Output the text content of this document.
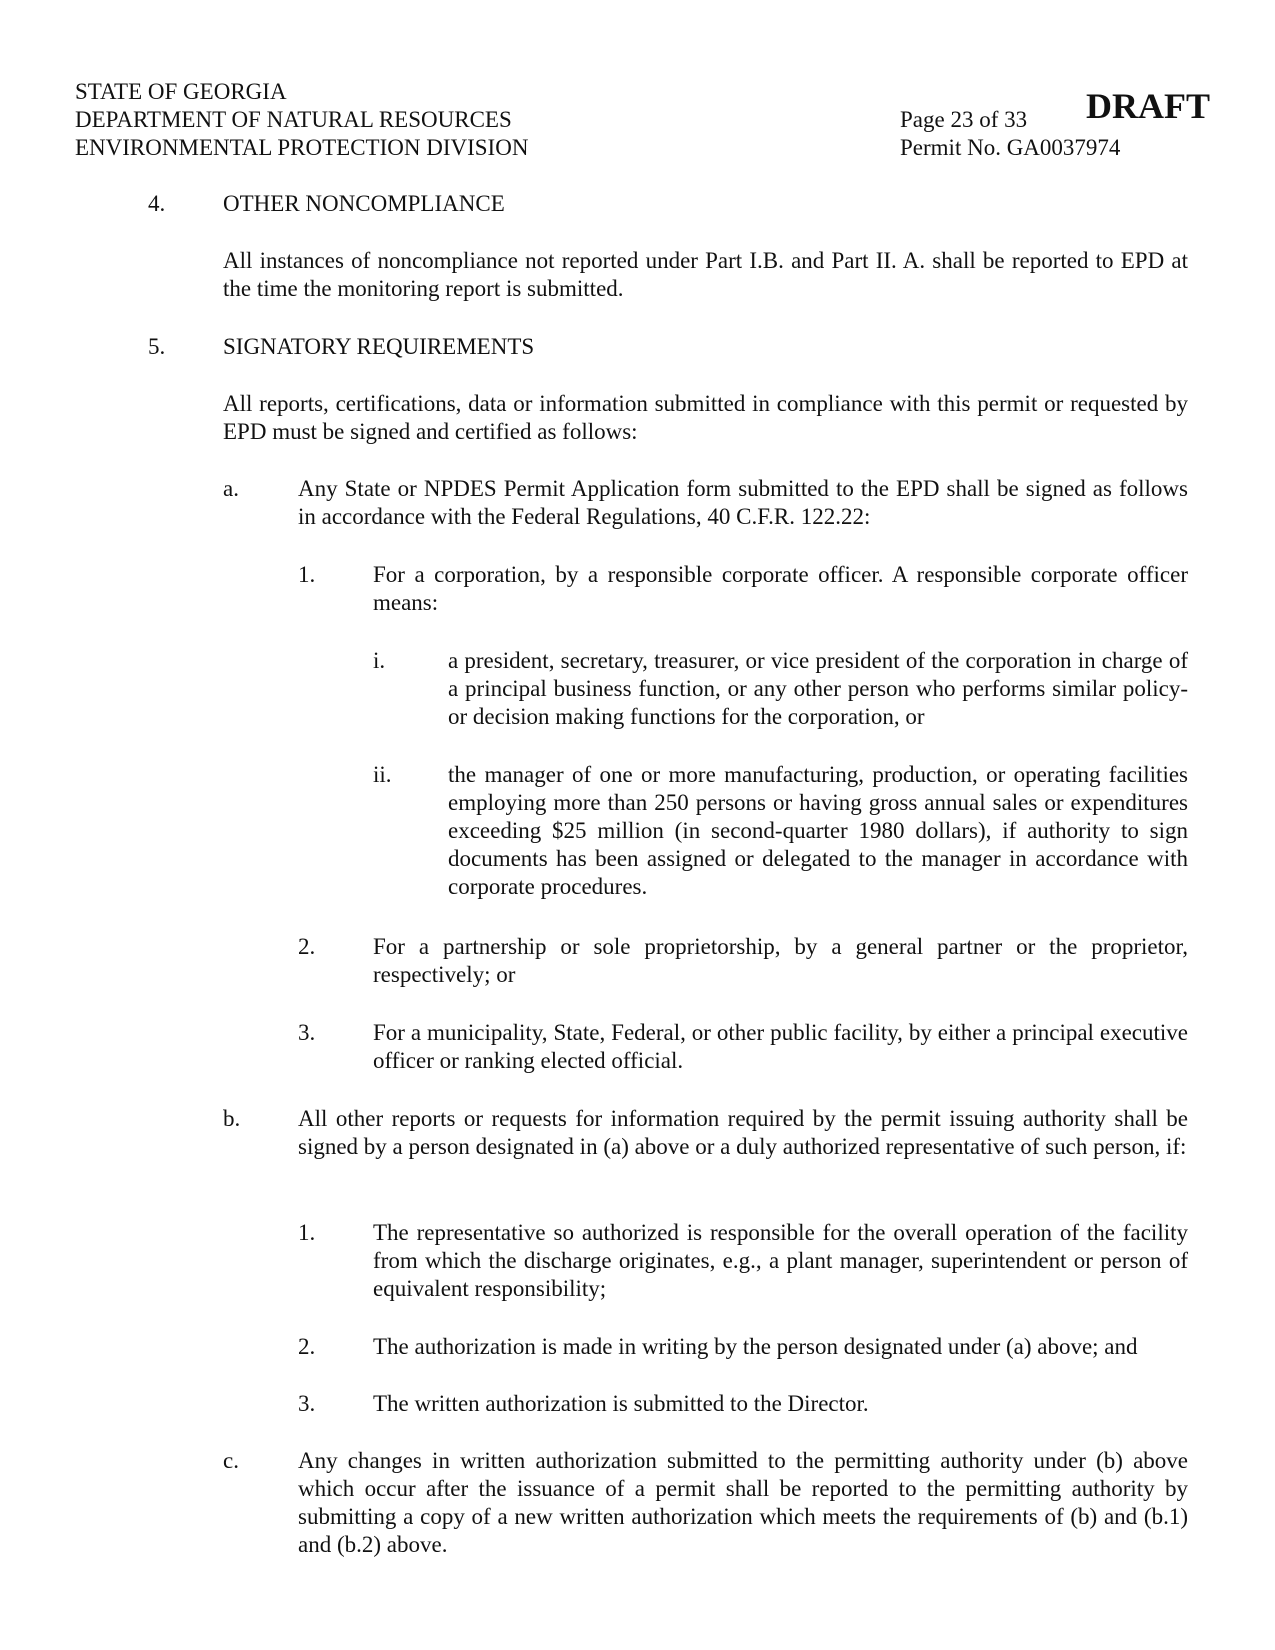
STATE OF GEORGIA
DEPARTMENT OF NATURAL RESOURCES
ENVIRONMENTAL PROTECTION DIVISION
Page 23 of 33
Permit No. GA0037974
DRAFT
4.	OTHER NONCOMPLIANCE
All instances of noncompliance not reported under Part I.B. and Part II. A. shall be reported to EPD at the time the monitoring report is submitted.
5.	SIGNATORY REQUIREMENTS
All reports, certifications, data or information submitted in compliance with this permit or requested by EPD must be signed and certified as follows:
a.	Any State or NPDES Permit Application form submitted to the EPD shall be signed as follows in accordance with the Federal Regulations, 40 C.F.R. 122.22:
1.	For a corporation, by a responsible corporate officer. A responsible corporate officer means:
i.	a president, secretary, treasurer, or vice president of the corporation in charge of a principal business function, or any other person who performs similar policy- or decision making functions for the corporation, or
ii. the manager of one or more manufacturing, production, or operating facilities employing more than 250 persons or having gross annual sales or expenditures exceeding $25 million (in second-quarter 1980 dollars), if authority to sign documents has been assigned or delegated to the manager in accordance with corporate procedures.
2.	For a partnership or sole proprietorship, by a general partner or the proprietor, respectively; or
3.	For a municipality, State, Federal, or other public facility, by either a principal executive officer or ranking elected official.
b.	All other reports or requests for information required by the permit issuing authority shall be signed by a person designated in (a) above or a duly authorized representative of such person, if:
1.	The representative so authorized is responsible for the overall operation of the facility from which the discharge originates, e.g., a plant manager, superintendent or person of equivalent responsibility;
2.	The authorization is made in writing by the person designated under (a) above; and
3.	The written authorization is submitted to the Director.
c.	Any changes in written authorization submitted to the permitting authority under (b) above which occur after the issuance of a permit shall be reported to the permitting authority by submitting a copy of a new written authorization which meets the requirements of (b) and (b.1) and (b.2) above.
